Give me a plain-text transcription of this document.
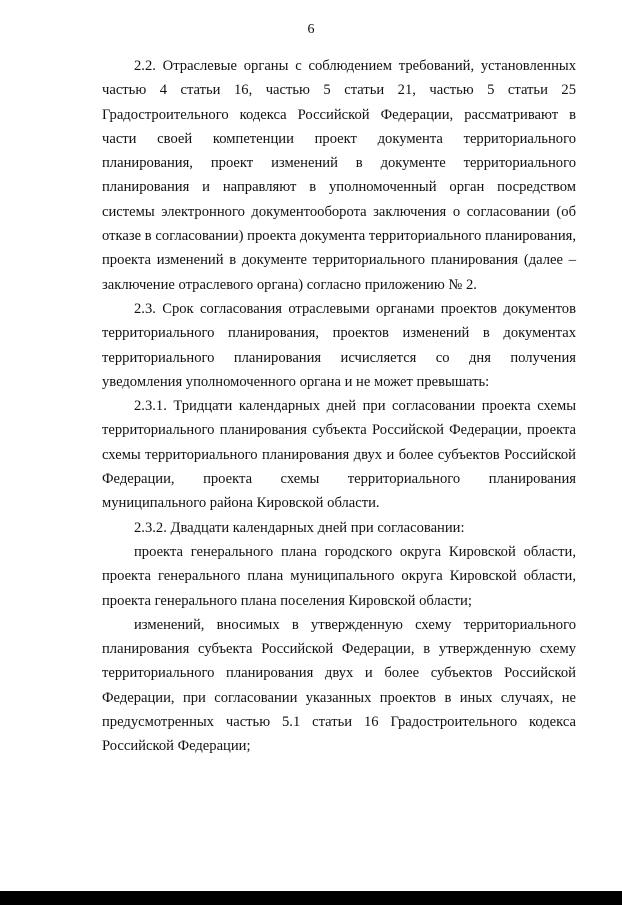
6

2.2. Отраслевые органы с соблюдением требований, установленных частью 4 статьи 16, частью 5 статьи 21, частью 5 статьи 25 Градостроительного кодекса Российской Федерации, рассматривают в части своей компетенции проект документа территориального планирования, проект изменений в документе территориального планирования и направляют в уполномоченный орган посредством системы электронного документооборота заключения о согласовании (об отказе в согласовании) проекта документа территориального планирования, проекта изменений в документе территориального планирования (далее – заключение отраслевого органа) согласно приложению № 2.

2.3. Срок согласования отраслевыми органами проектов документов территориального планирования, проектов изменений в документах территориального планирования исчисляется со дня получения уведомления уполномоченного органа и не может превышать:

2.3.1. Тридцати календарных дней при согласовании проекта схемы территориального планирования субъекта Российской Федерации, проекта схемы территориального планирования двух и более субъектов Российской Федерации, проекта схемы территориального планирования муниципального района Кировской области.

2.3.2. Двадцати календарных дней при согласовании:

проекта генерального плана городского округа Кировской области, проекта генерального плана муниципального округа Кировской области, проекта генерального плана поселения Кировской области;

изменений, вносимых в утвержденную схему территориального планирования субъекта Российской Федерации, в утвержденную схему территориального планирования двух и более субъектов Российской Федерации, при согласовании указанных проектов в иных случаях, не предусмотренных частью 5.1 статьи 16 Градостроительного кодекса Российской Федерации;
